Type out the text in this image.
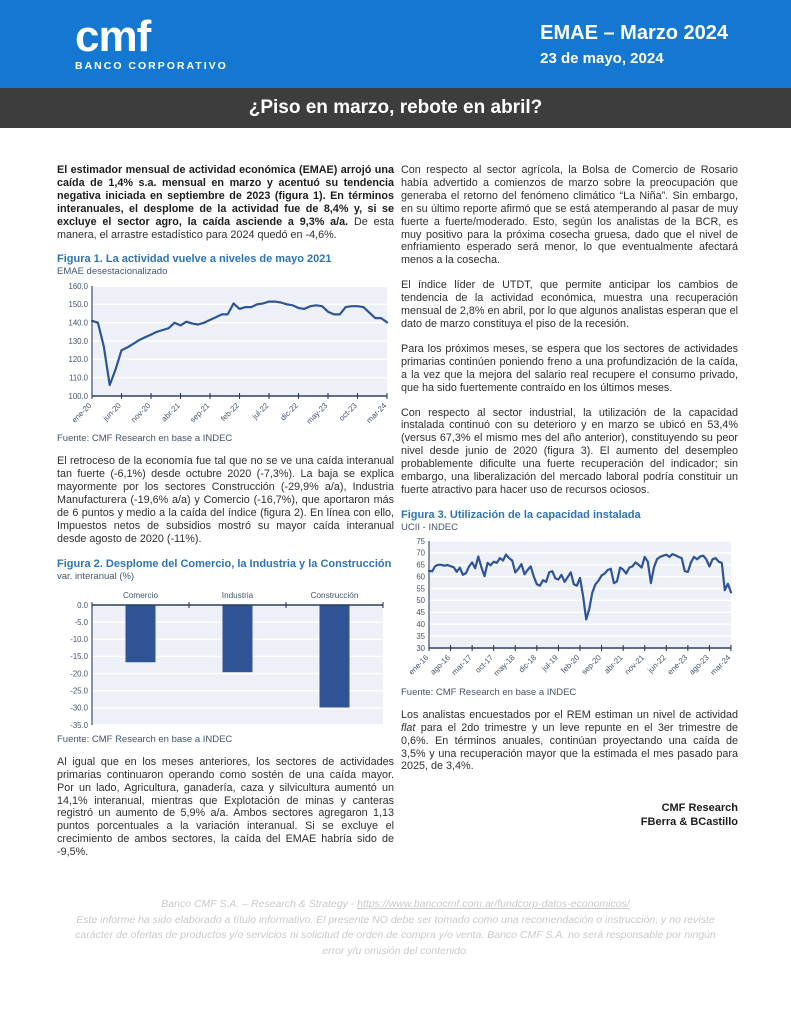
cmf
BANCO CORPORATIVO
EMAE – Marzo 2024
23 de mayo, 2024
¿Piso en marzo, rebote en abril?

El estimador mensual de actividad económica (EMAE) arrojó una caída de 1,4% s.a. mensual en marzo y acentuó su tendencia negativa iniciada en septiembre de 2023 (figura 1). En términos interanuales, el desplome de la actividad fue de 8,4% y, si se excluye el sector agro, la caída asciende a 9,3% a/a. De esta manera, el arrastre estadístico para 2024 quedó en -4,6%.

Figura 1. La actividad vuelve a niveles de mayo 2021
EMAE desestacionalizado
100.0
110.0
120.0
130.0
140.0
150.0
160.0
ene-20 jun-20 nov-20 abr-21 sep-21 feb-22 jul-22 dic-22 may-23 oct-23 mar-24
Fuente: CMF Research en base a INDEC

El retroceso de la economía fue tal que no se ve una caída interanual tan fuerte (-6,1%) desde octubre 2020 (-7,3%). La baja se explica mayormente por los sectores Construcción (-29,9% a/a), Industria Manufacturera (-19,6% a/a) y Comercio (-16,7%), que aportaron más de 6 puntos y medio a la caída del índice (figura 2). En línea con ello, Impuestos netos de subsidios mostró su mayor caída interanual desde agosto de 2020 (-11%).

Figura 2. Desplome del Comercio, la Industria y la Construcción
var. interanual (%)
0.0
-5.0
-10.0
-15.0
-20.0
-25.0
-30.0
-35.0
Comercio	Industria	Construcción
Fuente: CMF Research en base a INDEC

Al igual que en los meses anteriores, los sectores de actividades primarias continuaron operando como sostén de una caída mayor. Por un lado, Agricultura, ganadería, caza y silvicultura aumentó un 14,1% interanual, mientras que Explotación de minas y canteras registró un aumento de 5,9% a/a. Ambos sectores agregaron 1,13 puntos porcentuales a la variación interanual. Si se excluye el crecimiento de ambos sectores, la caída del EMAE habría sido de -9,5%.

Con respecto al sector agrícola, la Bolsa de Comercio de Rosario había advertido a comienzos de marzo sobre la preocupación que generaba el retorno del fenómeno climático “La Niña”. Sin embargo, en su último reporte afirmó que se está atemperando al pasar de muy fuerte a fuerte/moderado. Esto, según los analistas de la BCR, es muy positivo para la próxima cosecha gruesa, dado que el nivel de enfriamiento esperado será menor, lo que eventualmente afectará menos a la cosecha.

El índice líder de UTDT, que permite anticipar los cambios de tendencia de la actividad económica, muestra una recuperación mensual de 2,8% en abril, por lo que algunos analistas esperan que el dato de marzo constituya el piso de la recesión.

Para los próximos meses, se espera que los sectores de actividades primarias continúen poniendo freno a una profundización de la caída, a la vez que la mejora del salario real recupere el consumo privado, que ha sido fuertemente contraído en los últimos meses.

Con respecto al sector industrial, la utilización de la capacidad instalada continuó con su deterioro y en marzo se ubicó en 53,4% (versus 67,3% el mismo mes del año anterior), constituyendo su peor nivel desde junio de 2020 (figura 3). El aumento del desempleo probablemente dificulte una fuerte recuperación del indicador; sin embargo, una liberalización del mercado laboral podría constituir un fuerte atractivo para hacer uso de recursos ociosos.

Figura 3. Utilización de la capacidad instalada
UCII - INDEC
30
35
40
45
50
55
60
65
70
75
ene-16
ago-16
mar-17 oct-17
may-18 dic-18 jul-19 feb-20
sep-20 abr-21
nov-21 jun-22
ene-23
ago-23
mar-24
Fuente: CMF Research en base a INDEC

Los analistas encuestados por el REM estiman un nivel de actividad flat para el 2do trimestre y un leve repunte en el 3er trimestre de 0,6%. En términos anuales, continúan proyectando una caída de 3,5% y una recuperación mayor que la estimada el mes pasado para 2025, de 3,4%.

CMF Research
FBerra & BCastillo
Banco CMF S.A. – Research & Strategy - https://www.bancocmf.com.ar/fundcorp-datos-economicos/
Este informe ha sido elaborado a título informativo. El presente NO debe ser tomado como una recomendación o instrucción, y no reviste carácter de ofertas de productos y/o servicios ni solicitud de orden de compra y/o venta. Banco CMF S.A. no será responsable por ningún error y/u omisión del contenido.
